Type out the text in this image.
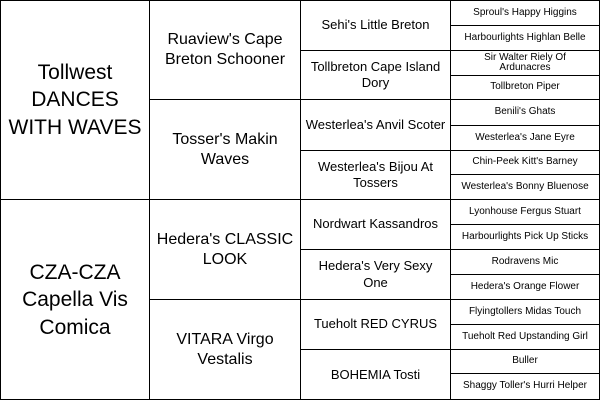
Tollwest DANCES WITH WAVES
CZA-CZA Capella Vis Comica
Ruaview's Cape Breton Schooner
Tosser's Makin Waves
Hedera's CLASSIC LOOK
VITARA Virgo Vestalis
Sehi's Little Breton
Tollbreton Cape Island Dory
Westerlea's Anvil Scoter
Westerlea's Bijou At Tossers
Nordwart Kassandros
Hedera's Very Sexy One
Tueholt RED CYRUS
BOHEMIA Tosti
Sproul's Happy Higgins
Harbourlights Highlan Belle
Sir Walter Riely Of Ardunacres
Tollbreton Piper
Benili's Ghats
Westerlea's Jane Eyre
Chin-Peek Kitt's Barney
Westerlea's Bonny Bluenose
Lyonhouse Fergus Stuart
Harbourlights Pick Up Sticks
Rodravens Mic
Hedera's Orange Flower
Flyingtollers Midas Touch
Tueholt Red Upstanding Girl
Buller
Shaggy Toller's Hurri Helper
